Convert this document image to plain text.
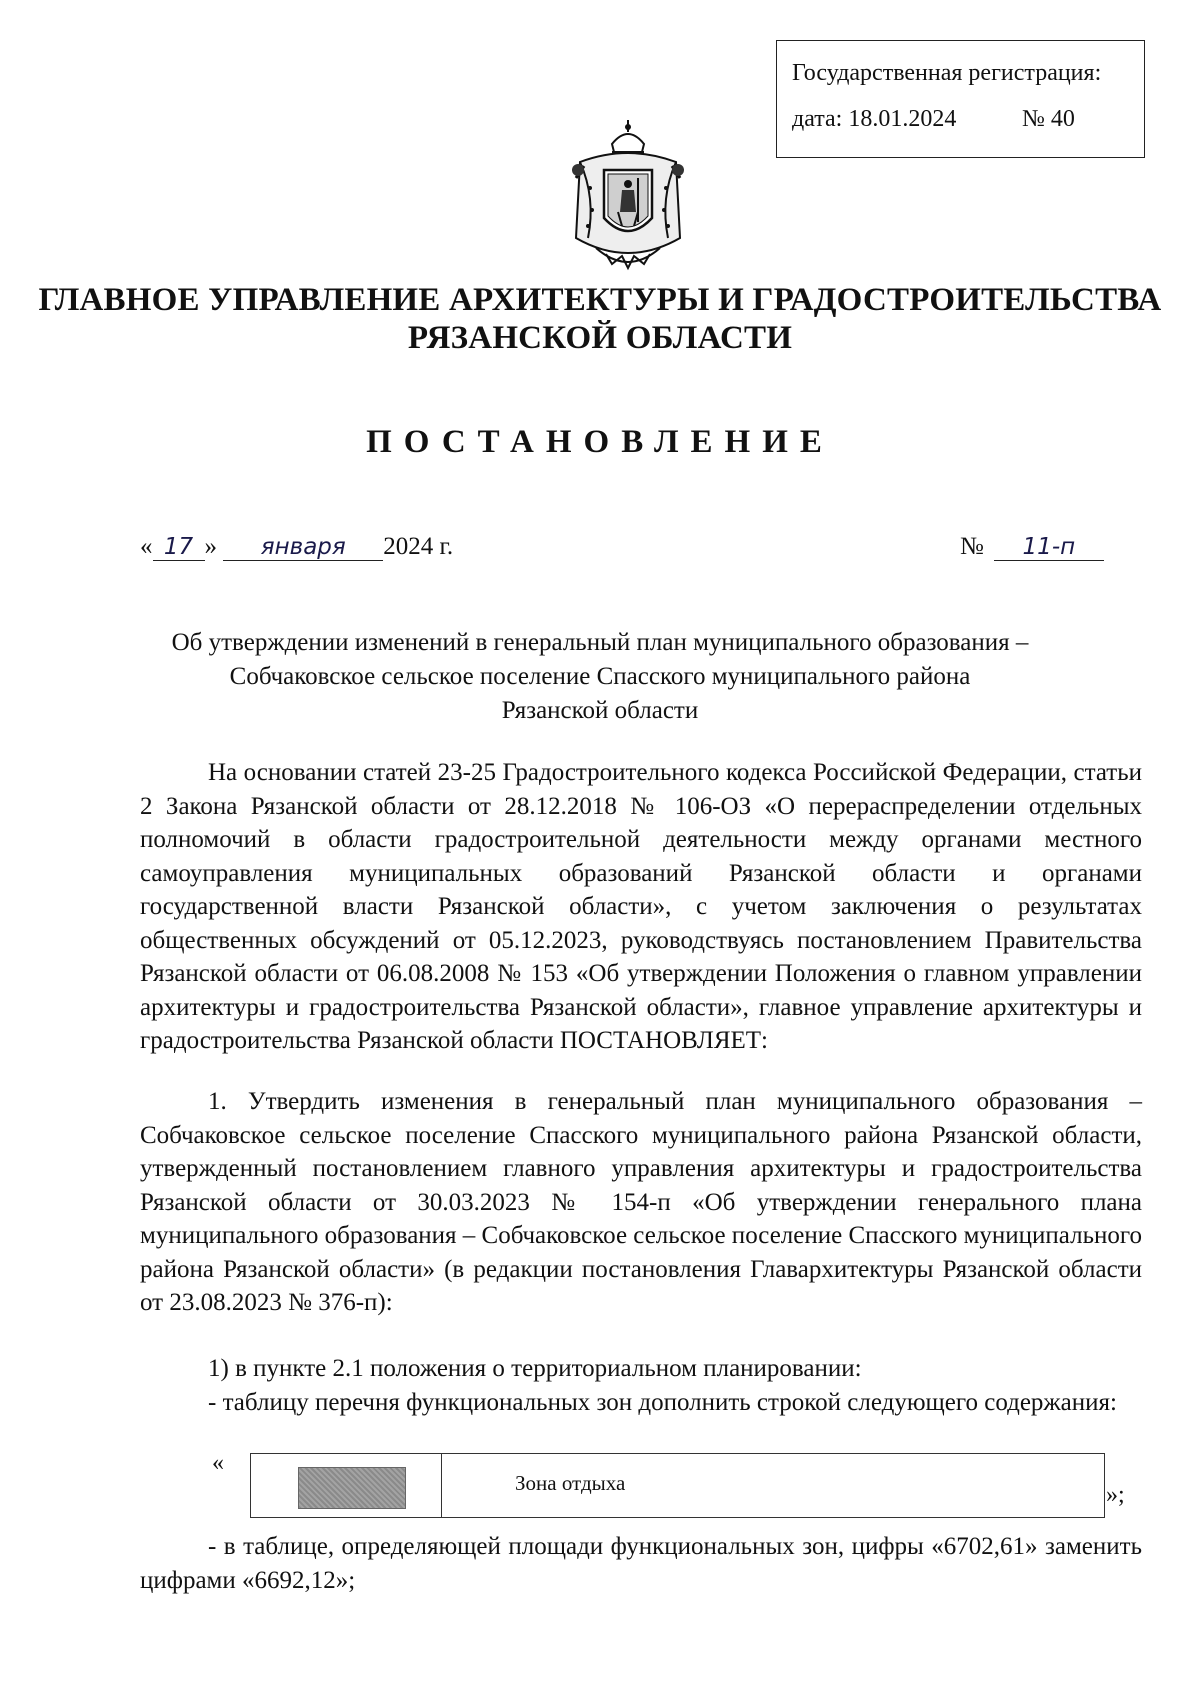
Государственная регистрация:
дата: 18.01.2024	№ 40
ГЛАВНОЕ УПРАВЛЕНИЕ АРХИТЕКТУРЫ И ГРАДОСТРОИТЕЛЬСТВА
РЯЗАНСКОЙ ОБЛАСТИ
ПОСТАНОВЛЕНИЕ
« 17 » января 2024 г.	№ 11-п
Об утверждении изменений в генеральный план муниципального образования –
Собчаковское сельское поселение Спасского муниципального района
Рязанской области
На основании статей 23-25 Градостроительного кодекса Российской Федерации, статьи 2 Закона Рязанской области от 28.12.2018 № 106-ОЗ «О перераспределении отдельных полномочий в области градостроительной деятельности между органами местного самоуправления муниципальных образований Рязанской области и органами государственной власти Рязанской области», с учетом заключения о результатах общественных обсуждений от 05.12.2023, руководствуясь постановлением Правительства Рязанской области от 06.08.2008 № 153 «Об утверждении Положения о главном управлении архитектуры и градостроительства Рязанской области», главное управление архитектуры и градостроительства Рязанской области ПОСТАНОВЛЯЕТ:
1. Утвердить изменения в генеральный план муниципального образования – Собчаковское сельское поселение Спасского муниципального района Рязанской области, утвержденный постановлением главного управления архитектуры и градостроительства Рязанской области от 30.03.2023 № 154-п «Об утверждении генерального плана муниципального образования – Собчаковское сельское поселение Спасского муниципального района Рязанской области» (в редакции постановления Главархитектуры Рязанской области от 23.08.2023 № 376-п):
1) в пункте 2.1 положения о территориальном планировании:
- таблицу перечня функциональных зон дополнить строкой следующего содержания:
«
Зона отдыха	»;
- в таблице, определяющей площади функциональных зон, цифры «6702,61» заменить цифрами «6692,12»;
